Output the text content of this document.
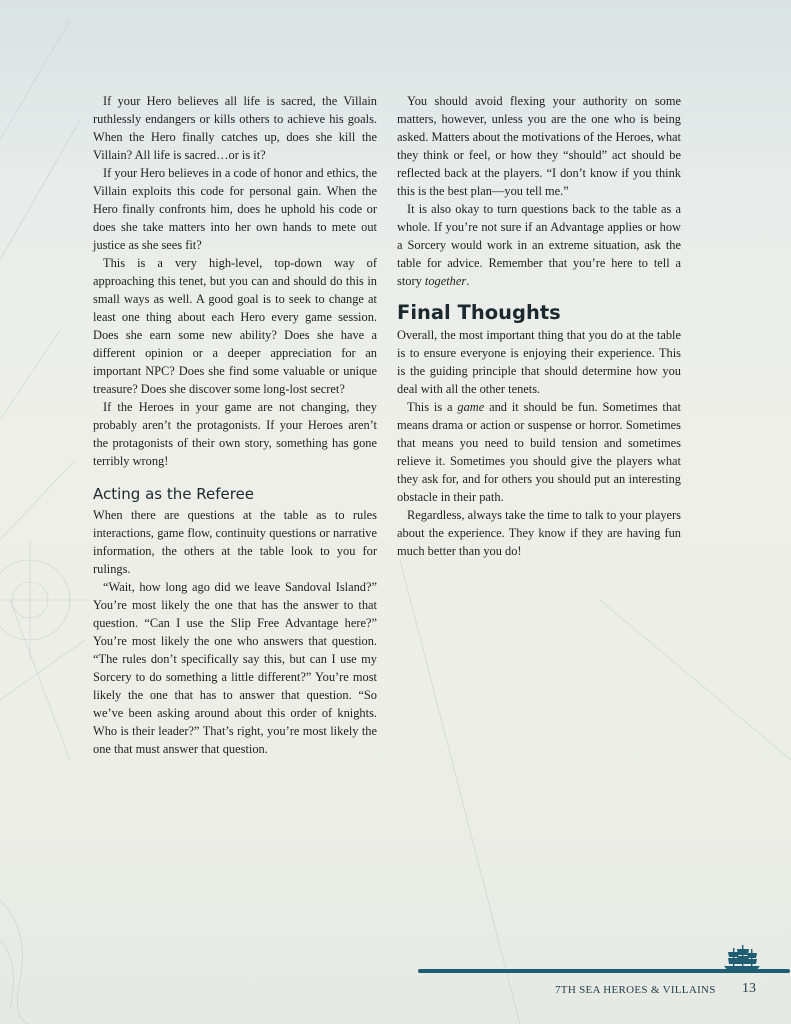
If your Hero believes all life is sacred, the Villain ruthlessly endangers or kills others to achieve his goals. When the Hero finally catches up, does she kill the Villain? All life is sacred…or is it?

If your Hero believes in a code of honor and ethics, the Villain exploits this code for personal gain. When the Hero finally confronts him, does he uphold his code or does she take matters into her own hands to mete out justice as she sees fit?

This is a very high-level, top-down way of approaching this tenet, but you can and should do this in small ways as well. A good goal is to seek to change at least one thing about each Hero every game session. Does she earn some new ability? Does she have a different opinion or a deeper appreciation for an important NPC? Does she find some valuable or unique treasure? Does she discover some long-lost secret?

If the Heroes in your game are not changing, they probably aren’t the protagonists. If your Heroes aren’t the protagonists of their own story, something has gone terribly wrong!

Acting as the Referee

When there are questions at the table as to rules interactions, game flow, continuity questions or narrative information, the others at the table look to you for rulings.

“Wait, how long ago did we leave Sandoval Island?” You’re most likely the one that has the answer to that question. “Can I use the Slip Free Advantage here?” You’re most likely the one who answers that question. “The rules don’t specifically say this, but can I use my Sorcery to do something a little different?” You’re most likely the one that has to answer that question. “So we’ve been asking around about this order of knights. Who is their leader?” That’s right, you’re most likely the one that must answer that question.

You should avoid flexing your authority on some matters, however, unless you are the one who is being asked. Matters about the motivations of the Heroes, what they think or feel, or how they “should” act should be reflected back at the players. “I don’t know if you think this is the best plan—you tell me.”

It is also okay to turn questions back to the table as a whole. If you’re not sure if an Advantage applies or how a Sorcery would work in an extreme situation, ask the table for advice. Remember that you’re here to tell a story together.

Final Thoughts

Overall, the most important thing that you do at the table is to ensure everyone is enjoying their experience. This is the guiding principle that should determine how you deal with all the other tenets.

This is a game and it should be fun. Sometimes that means drama or action or suspense or horror. Sometimes that means you need to build tension and sometimes relieve it. Sometimes you should give the players what they ask for, and for others you should put an interesting obstacle in their path.

Regardless, always take the time to talk to your players about the experience. They know if they are having fun much better than you do!

7TH SEA HEROES & VILLAINS 13
